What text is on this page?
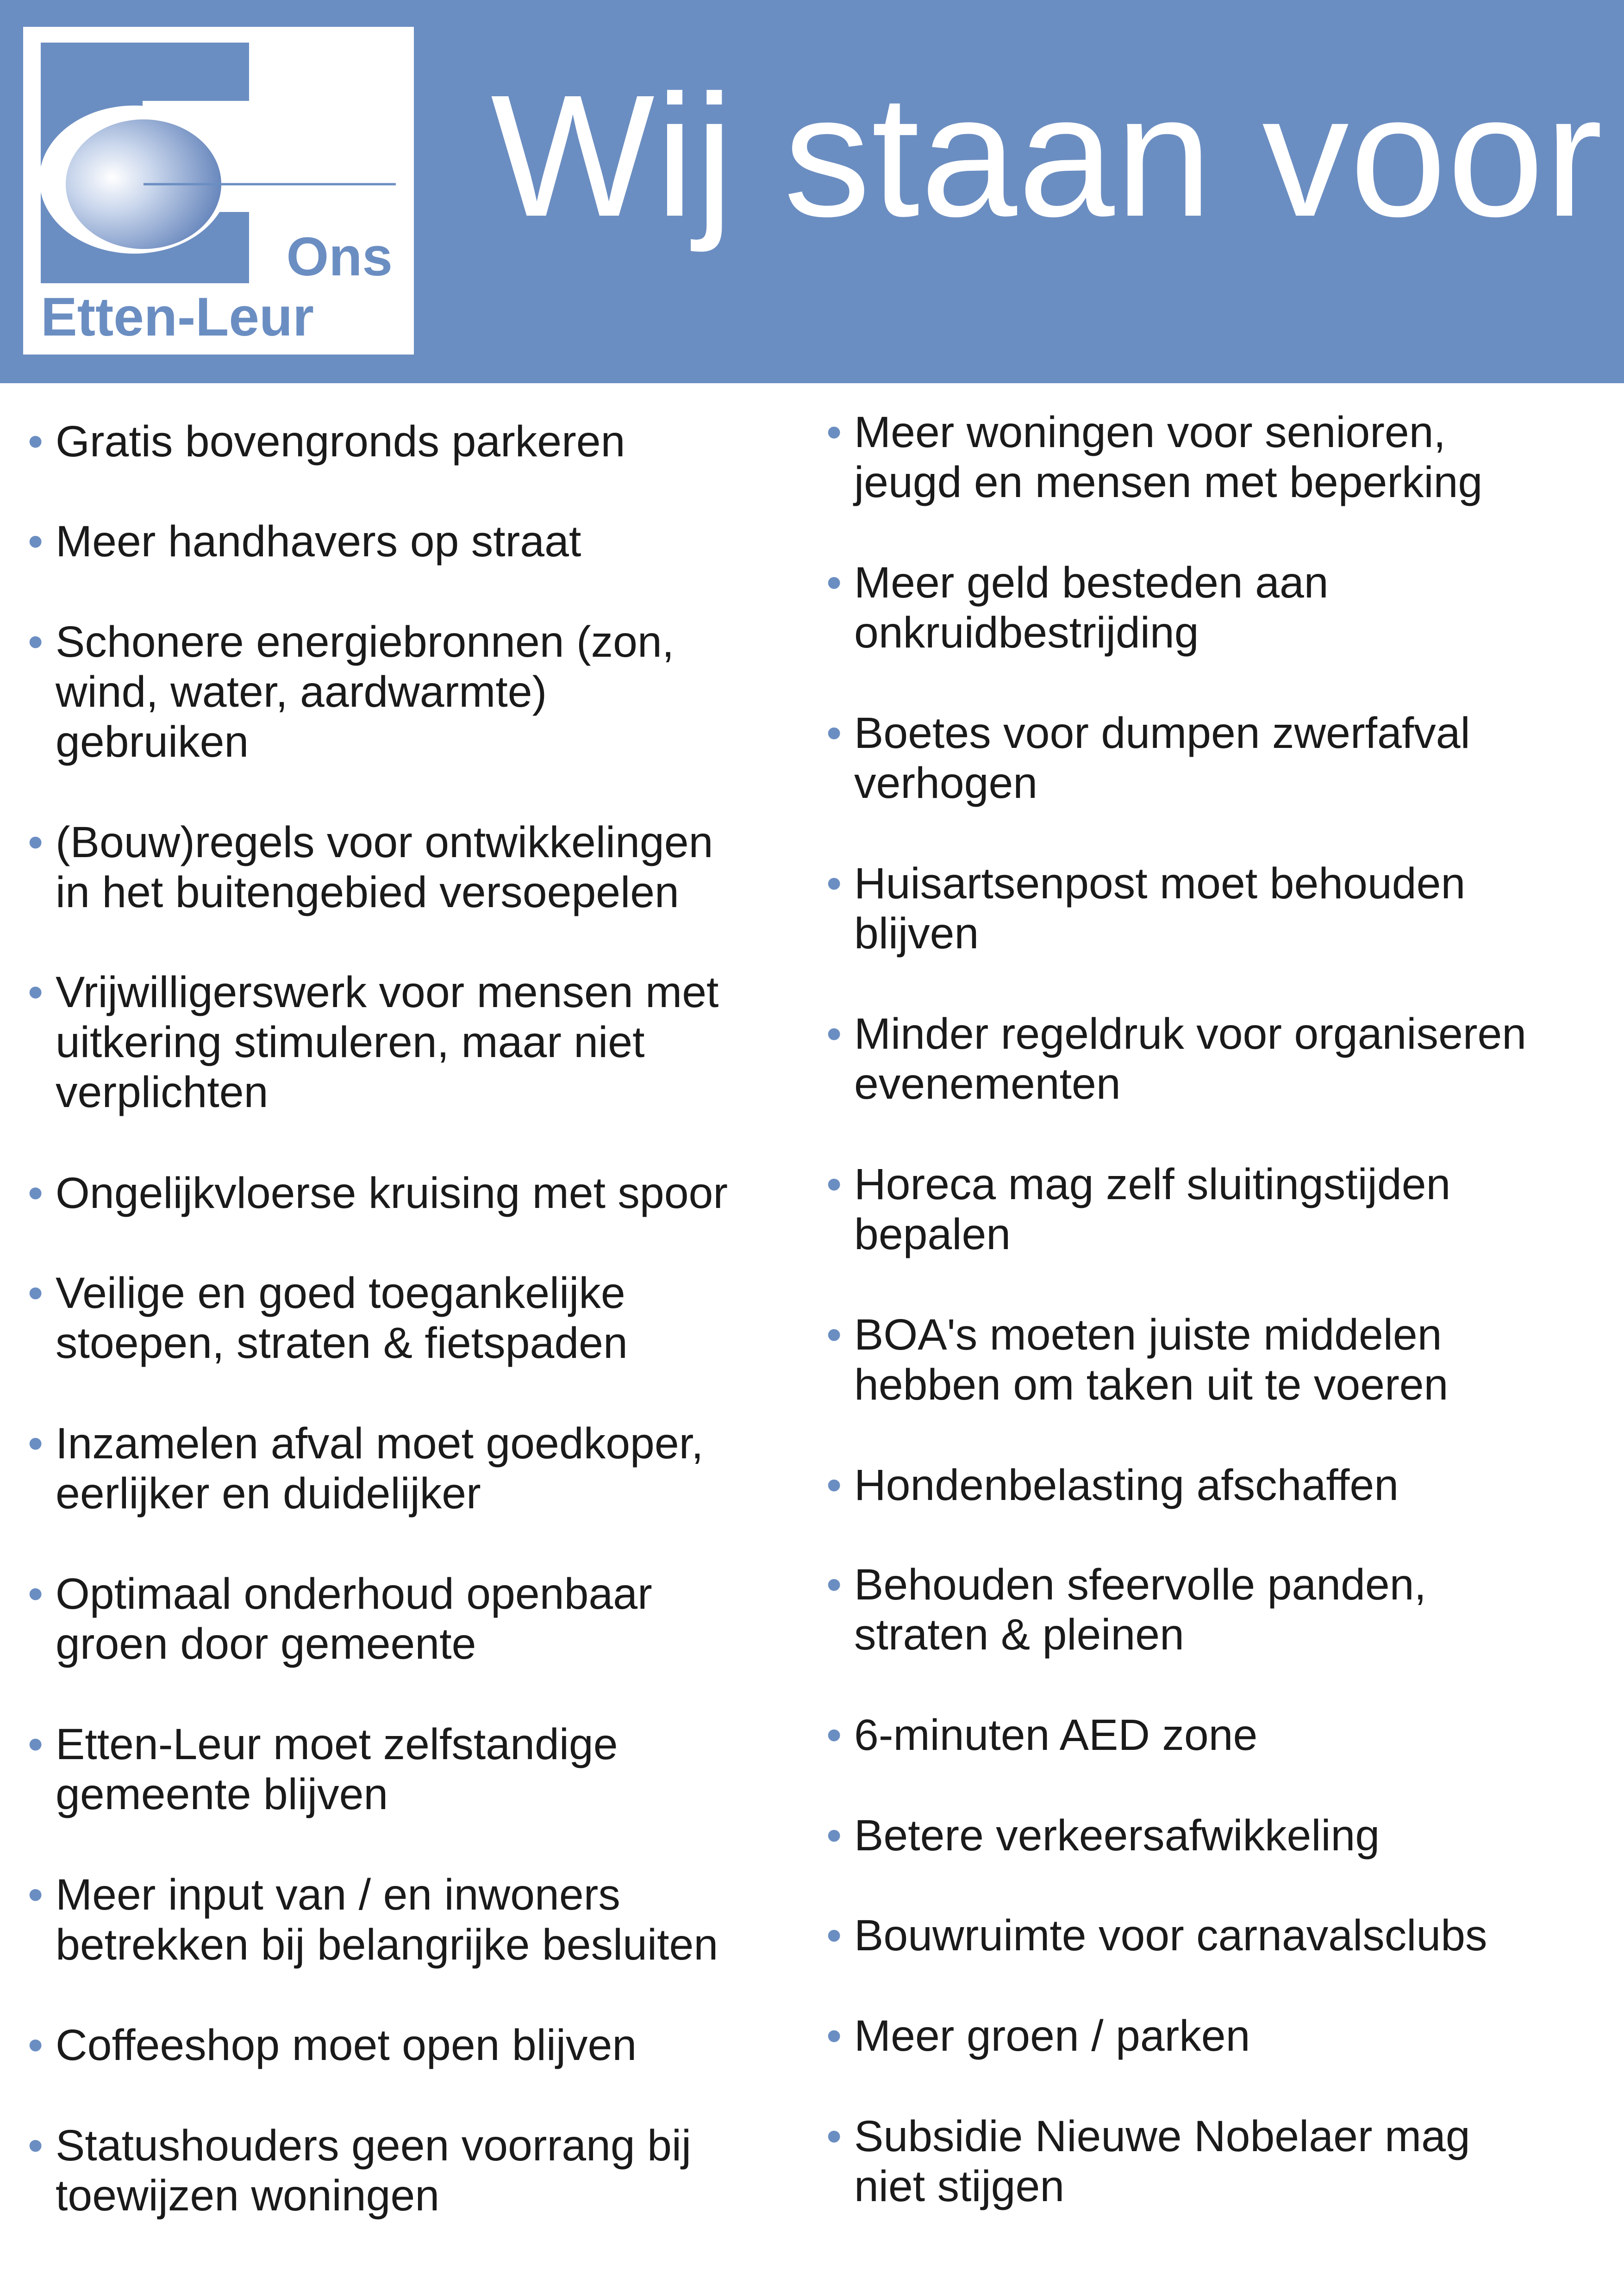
Ons
Etten-Leur
Wij staan voor
• Gratis bovengronds parkeren
• Meer handhavers op straat
• Schonere energiebronnen (zon,
wind, water, aardwarmte)
gebruiken
• (Bouw)regels voor ontwikkelingen
in het buitengebied versoepelen
• Vrijwilligerswerk voor mensen met
uitkering stimuleren, maar niet
verplichten
• Ongelijkvloerse kruising met spoor
• Veilige en goed toegankelijke
stoepen, straten & fietspaden
• Inzamelen afval moet goedkoper,
eerlijker en duidelijker
• Optimaal onderhoud openbaar
groen door gemeente
• Etten-Leur moet zelfstandige
gemeente blijven
• Meer input van / en inwoners
betrekken bij belangrijke besluiten
• Coffeeshop moet open blijven
• Statushouders geen voorrang bij
toewijzen woningen
• Meer woningen voor senioren,
jeugd en mensen met beperking
• Meer geld besteden aan
onkruidbestrijding
• Boetes voor dumpen zwerfafval
verhogen
• Huisartsenpost moet behouden
blijven
• Minder regeldruk voor organiseren
evenementen
• Horeca mag zelf sluitingstijden
bepalen
• BOA's moeten juiste middelen
hebben om taken uit te voeren
• Hondenbelasting afschaffen
• Behouden sfeervolle panden,
straten & pleinen
• 6-minuten AED zone
• Betere verkeersafwikkeling
• Bouwruimte voor carnavalsclubs
• Meer groen / parken
• Subsidie Nieuwe Nobelaer mag
niet stijgen
